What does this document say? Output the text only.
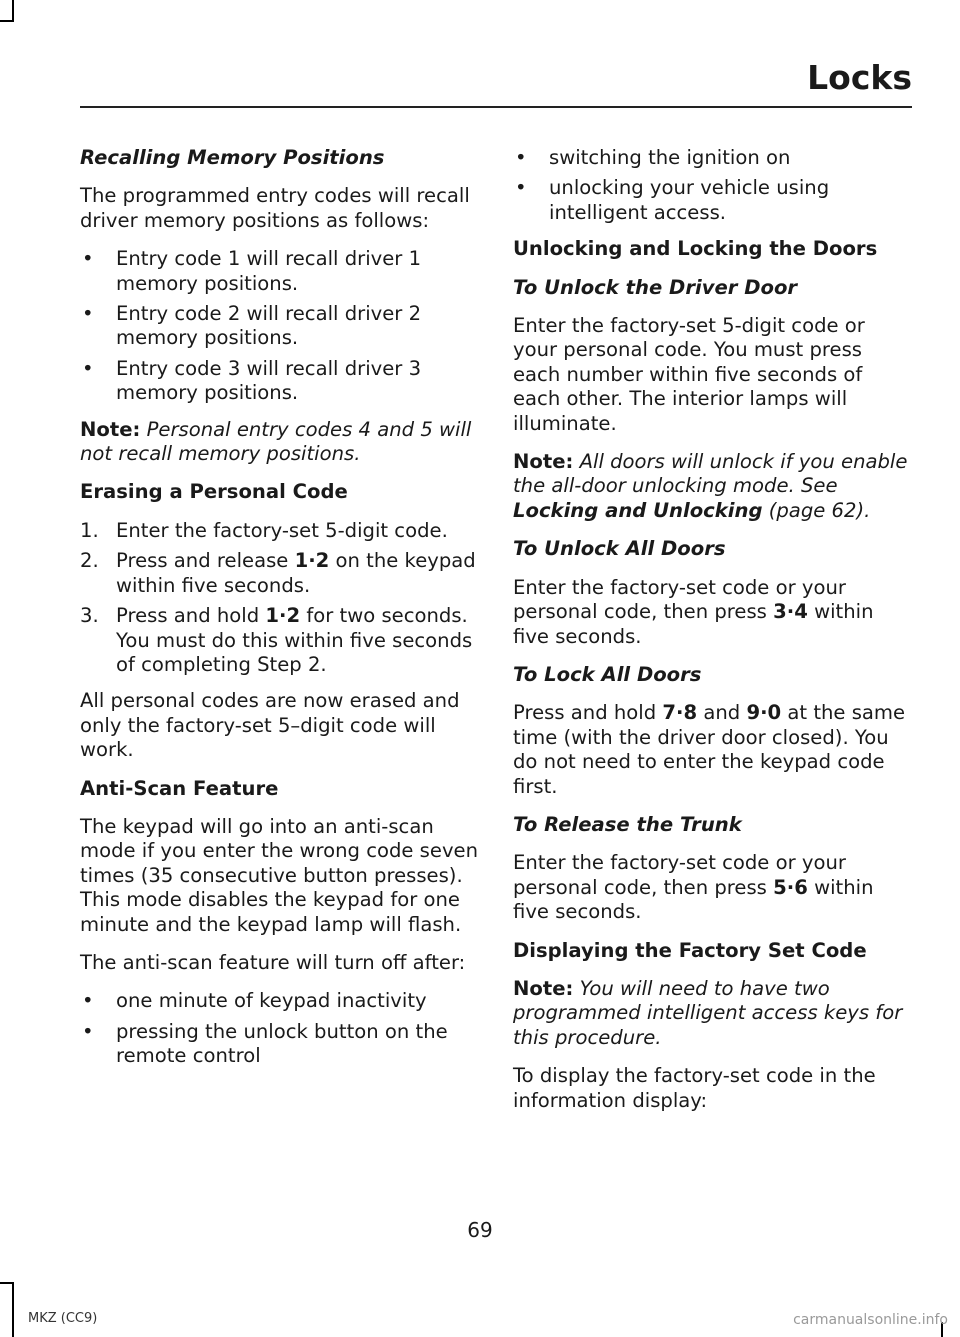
Locks

Recalling Memory Positions

The programmed entry codes will recall driver memory positions as follows:

• Entry code 1 will recall driver 1 memory positions.
• Entry code 2 will recall driver 2 memory positions.
• Entry code 3 will recall driver 3 memory positions.

Note: Personal entry codes 4 and 5 will not recall memory positions.

Erasing a Personal Code

1. Enter the factory-set 5-digit code.
2. Press and release 1·2 on the keypad within five seconds.
3. Press and hold 1·2 for two seconds. You must do this within five seconds of completing Step 2.

All personal codes are now erased and only the factory-set 5–digit code will work.

Anti-Scan Feature

The keypad will go into an anti-scan mode if you enter the wrong code seven times (35 consecutive button presses). This mode disables the keypad for one minute and the keypad lamp will flash.

The anti-scan feature will turn off after:

• one minute of keypad inactivity
• pressing the unlock button on the remote control
• switching the ignition on
• unlocking your vehicle using intelligent access.

Unlocking and Locking the Doors

To Unlock the Driver Door

Enter the factory-set 5-digit code or your personal code. You must press each number within five seconds of each other. The interior lamps will illuminate.

Note: All doors will unlock if you enable the all-door unlocking mode. See Locking and Unlocking (page 62).

To Unlock All Doors

Enter the factory-set code or your personal code, then press 3·4 within five seconds.

To Lock All Doors

Press and hold 7·8 and 9·0 at the same time (with the driver door closed). You do not need to enter the keypad code first.

To Release the Trunk

Enter the factory-set code or your personal code, then press 5·6 within five seconds.

Displaying the Factory Set Code

Note: You will need to have two programmed intelligent access keys for this procedure.

To display the factory-set code in the information display:

69
MKZ (CC9)	carmanualsonline.info
